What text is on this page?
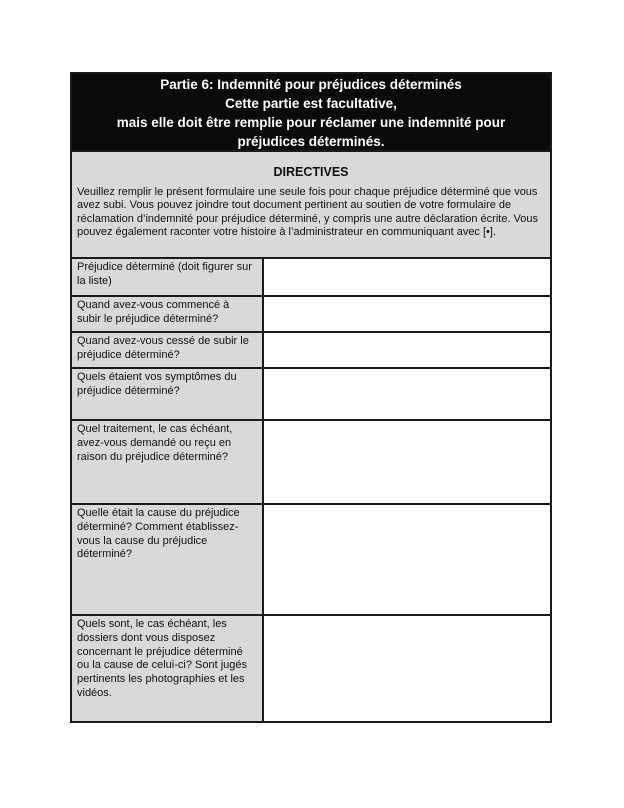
Partie 6: Indemnité pour préjudices déterminés
Cette partie est facultative,
mais elle doit être remplie pour réclamer une indemnité pour
préjudices déterminés.
DIRECTIVES
Veuillez remplir le présent formulaire une seule fois pour chaque préjudice déterminé que vous avez subi. Vous pouvez joindre tout document pertinent au soutien de votre formulaire de réclamation d’indemnité pour préjudice déterminé, y compris une autre déclaration écrite. Vous pouvez également raconter votre histoire à l’administrateur en communiquant avec [•].
Préjudice déterminé (doit figurer sur la liste)
Quand avez-vous commencé à subir le préjudice déterminé?
Quand avez-vous cessé de subir le préjudice déterminé?
Quels étaient vos symptômes du préjudice déterminé?
Quel traitement, le cas échéant, avez-vous demandé ou reçu en raison du préjudice déterminé?
Quelle était la cause du préjudice déterminé? Comment établissez-vous la cause du préjudice déterminé?
Quels sont, le cas échéant, les dossiers dont vous disposez concernant le préjudice déterminé ou la cause de celui-ci? Sont jugés pertinents les photographies et les vidéos.
